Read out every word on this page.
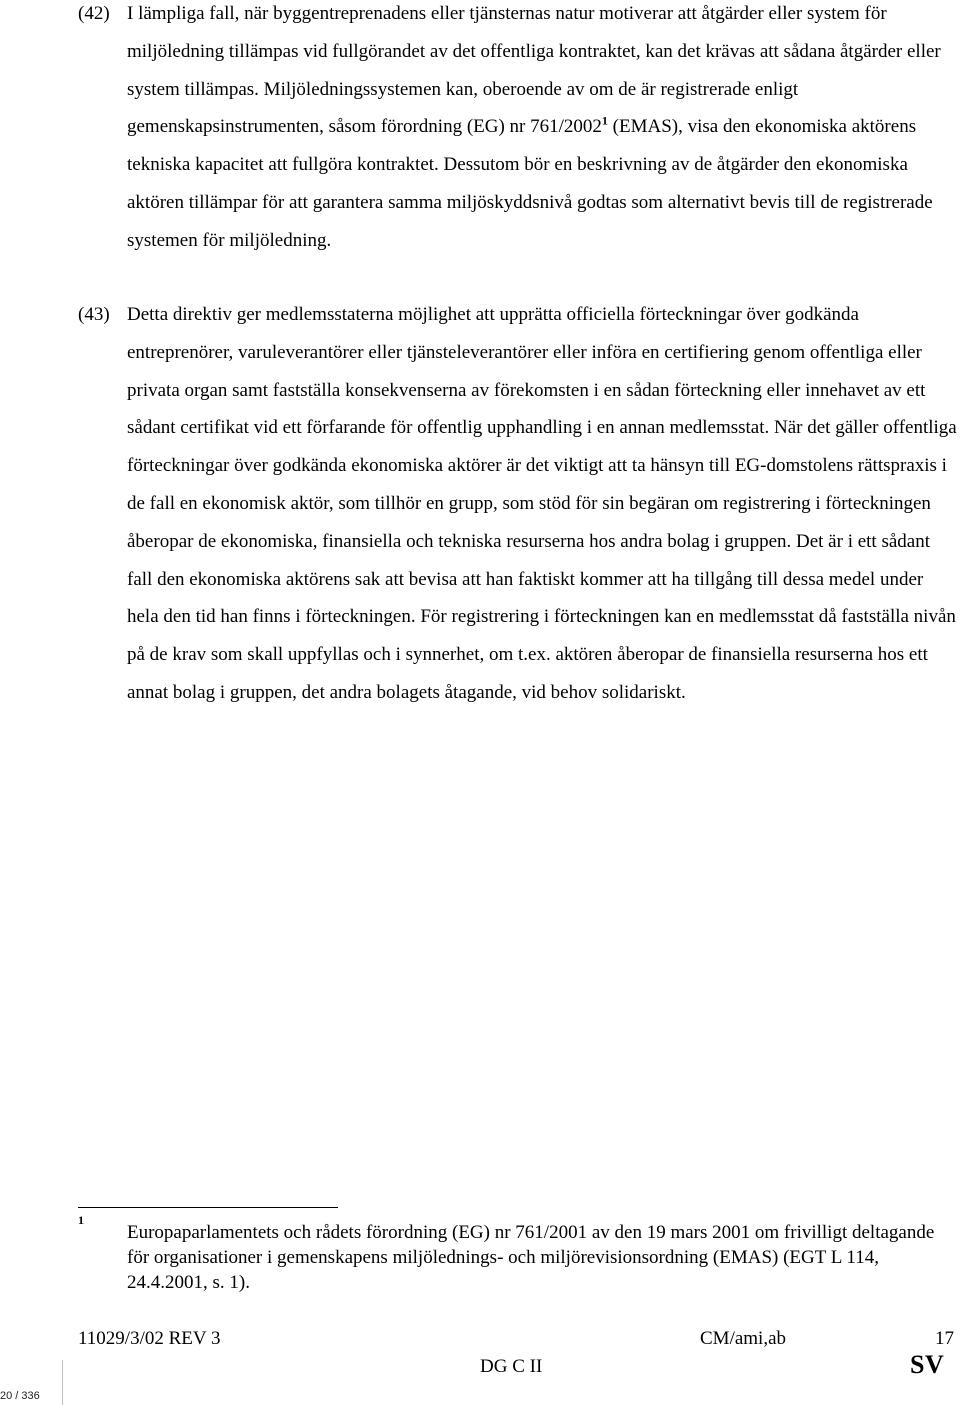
(42) I lämpliga fall, när byggentreprenadens eller tjänsternas natur motiverar att åtgärder eller system för miljöledning tillämpas vid fullgörandet av det offentliga kontraktet, kan det krävas att sådana åtgärder eller system tillämpas. Miljöledningssystemen kan, oberoende av om de är registrerade enligt gemenskapsinstrumenten, såsom förordning (EG) nr 761/2002$^1$ (EMAS), visa den ekonomiska aktörens tekniska kapacitet att fullgöra kontraktet. Dessutom bör en beskrivning av de åtgärder den ekonomiska aktören tillämpar för att garantera samma miljöskyddsnivå godtas som alternativt bevis till de registrerade systemen för miljöledning.

(43) Detta direktiv ger medlemsstaterna möjlighet att upprätta officiella förteckningar över godkända entreprenörer, varuleverantörer eller tjänsteleverantörer eller införa en certifiering genom offentliga eller privata organ samt fastställa konsekvenserna av förekomsten i en sådan förteckning eller innehavet av ett sådant certifikat vid ett förfarande för offentlig upphandling i en annan medlemsstat. När det gäller offentliga förteckningar över godkända ekonomiska aktörer är det viktigt att ta hänsyn till EG-domstolens rättspraxis i de fall en ekonomisk aktör, som tillhör en grupp, som stöd för sin begäran om registrering i förteckningen åberopar de ekonomiska, finansiella och tekniska resurserna hos andra bolag i gruppen. Det är i ett sådant fall den ekonomiska aktörens sak att bevisa att han faktiskt kommer att ha tillgång till dessa medel under hela den tid han finns i förteckningen. För registrering i förteckningen kan en medlemsstat då fastställa nivån på de krav som skall uppfyllas och i synnerhet, om t.ex. aktören åberopar de finansiella resurserna hos ett annat bolag i gruppen, det andra bolagets åtagande, vid behov solidariskt.

1

Europaparlamentets och rådets förordning (EG) nr 761/2001 av den 19 mars 2001 om frivilligt deltagande för organisationer i gemenskapens miljölednings- och miljörevisionsordning (EMAS) (EGT L 114, 24.4.2001, s. 1).

11029/3/02 REV 3	CM/ami,ab	17
DG C II	SV
20 / 336
